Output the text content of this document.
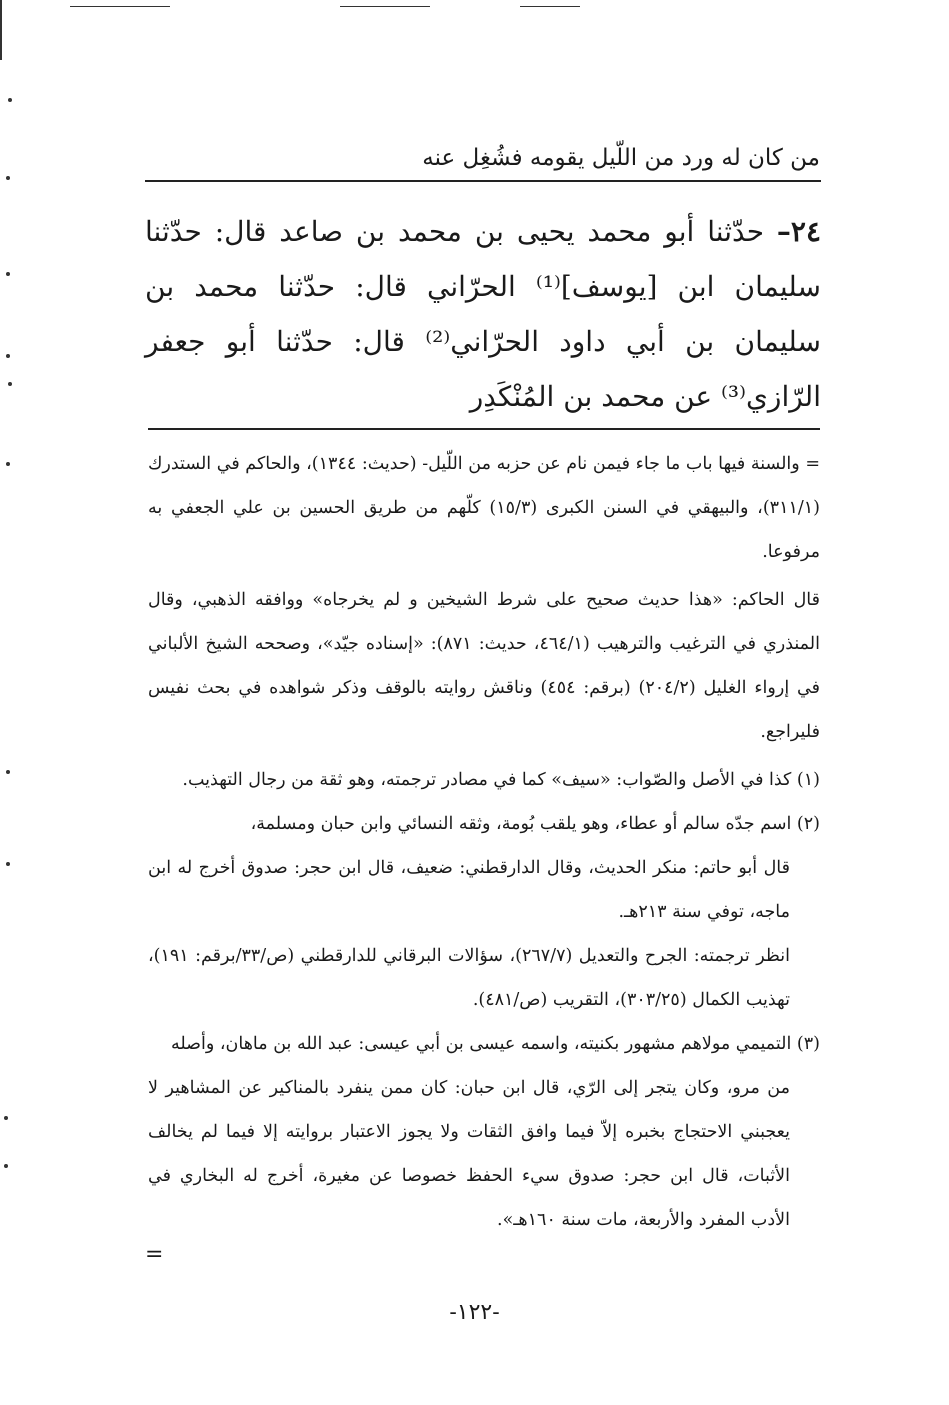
من كان له ورد من اللّيل يقومه فشُغِل عنه
٢٤– حدّثنا أبو محمد يحيى بن محمد بن صاعد قال: حدّثنا سليمان ابن [يوسف]⁽¹⁾ الحرّاني قال: حدّثنا محمد بن سليمان بن أبي داود الحرّاني⁽²⁾ قال: حدّثنا أبو جعفر الرّازي⁽³⁾ عن محمد بن المُنْكَدِر

= والسنة فيها باب ما جاء فيمن نام عن حزبه من اللّيل- (حديث: ١٣٤٤)، والحاكم في الستدرك (٣١١/١)، والبيهقي في السنن الكبرى (١٥/٣) كلّهم من طريق الحسين بن علي الجعفي به مرفوعا.

قال الحاكم: «هذا حديث صحيح على شرط الشيخين و لم يخرجاه» ووافقه الذهبي، وقال المنذري في الترغيب والترهيب (٤٦٤/١، حديث: ٨٧١): «إسناده جيّد»، وصححه الشيخ الألباني في إرواء الغليل (٢٠٤/٢) (برقم: ٤٥٤) وناقش روايته بالوقف وذكر شواهده في بحث نفيس فليراجع.

(١) كذا في الأصل والصّواب: «سيف» كما في مصادر ترجمته، وهو ثقة من رجال التهذيب.

(٢) اسم جدّه سالم أو عطاء، وهو يلقب بُومة، وثقه النسائي وابن حبان ومسلمة،

قال أبو حاتم: منكر الحديث، وقال الدارقطني: ضعيف، قال ابن حجر: صدوق أخرج له ابن ماجه، توفي سنة ٢١٣هـ.

انظر ترجمته: الجرح والتعديل (٢٦٧/٧)، سؤالات البرقاني للدارقطني (ص/٣٣/برقم: ١٩١)، تهذيب الكمال (٣٠٣/٢٥)، التقريب (ص/٤٨١).

(٣) التميمي مولاهم مشهور بكنيته، واسمه عيسى بن أبي عيسى: عبد الله بن ماهان، وأصله

من مرو، وكان يتجر إلى الرّي، قال ابن حبان: كان ممن ينفرد بالمناكير عن المشاهير لا يعجبني الاحتجاج بخبره إلاّ فيما وافق الثقات ولا يجوز الاعتبار بروايته إلا فيما لم يخالف الأثبات، قال ابن حجر: صدوق سيء الحفظ خصوصا عن مغيرة، أخرج له البخاري في الأدب المفرد والأربعة، مات سنة ١٦٠هـ».

=
-١٢٢-
